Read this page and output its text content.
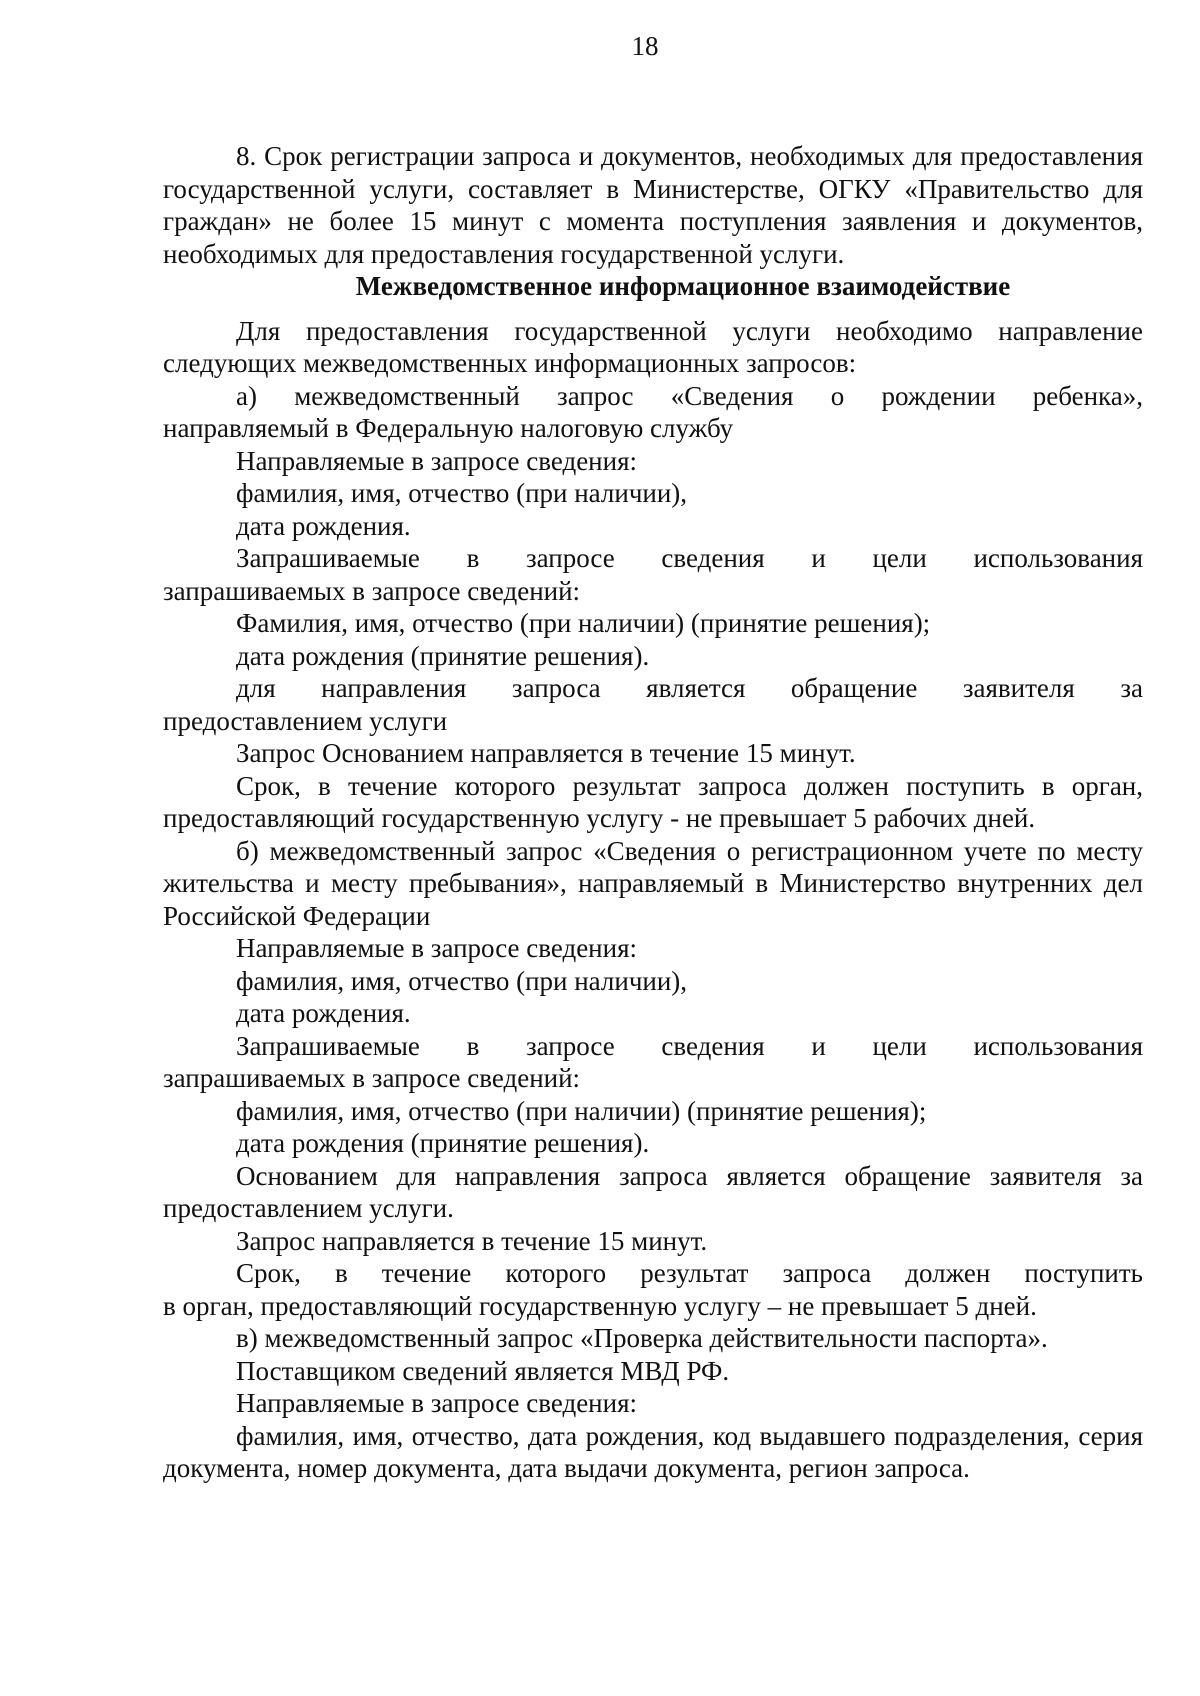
18

8. Срок регистрации запроса и документов, необходимых для предоставления государственной услуги, составляет в Министерстве, ОГКУ «Правительство для граждан» не более 15 минут с момента поступления заявления и документов, необходимых для предоставления государственной услуги.

Межведомственное информационное взаимодействие

Для предоставления государственной услуги необходимо направление следующих межведомственных информационных запросов:

а) межведомственный запрос «Сведения о рождении ребенка»,

направляемый в Федеральную налоговую службу

Направляемые в запросе сведения:

фамилия, имя, отчество (при наличии),

дата рождения.

Запрашиваемые в запросе сведения и цели использования

запрашиваемых в запросе сведений:

Фамилия, имя, отчество (при наличии) (принятие решения);

дата рождения (принятие решения).

для направления запроса является обращение заявителя за

предоставлением услуги

Запрос Основанием направляется в течение 15 минут.

Срок, в течение которого результат запроса должен поступить в орган, предоставляющий государственную услугу - не превышает 5 рабочих дней.

б) межведомственный запрос «Сведения о регистрационном учете по месту жительства и месту пребывания», направляемый в Министерство внутренних дел Российской Федерации

Направляемые в запросе сведения:

фамилия, имя, отчество (при наличии),

дата рождения.

Запрашиваемые в запросе сведения и цели использования

запрашиваемых в запросе сведений:

фамилия, имя, отчество (при наличии) (принятие решения);

дата рождения (принятие решения).

Основанием для направления запроса является обращение заявителя за

предоставлением услуги.

Запрос направляется в течение 15 минут.

Срок, в течение которого результат запроса должен поступить

в орган, предоставляющий государственную услугу – не превышает 5 дней.

в) межведомственный запрос «Проверка действительности паспорта».

Поставщиком сведений является МВД РФ.

Направляемые в запросе сведения:

фамилия, имя, отчество, дата рождения, код выдавшего подразделения, серия документа, номер документа, дата выдачи документа, регион запроса.
